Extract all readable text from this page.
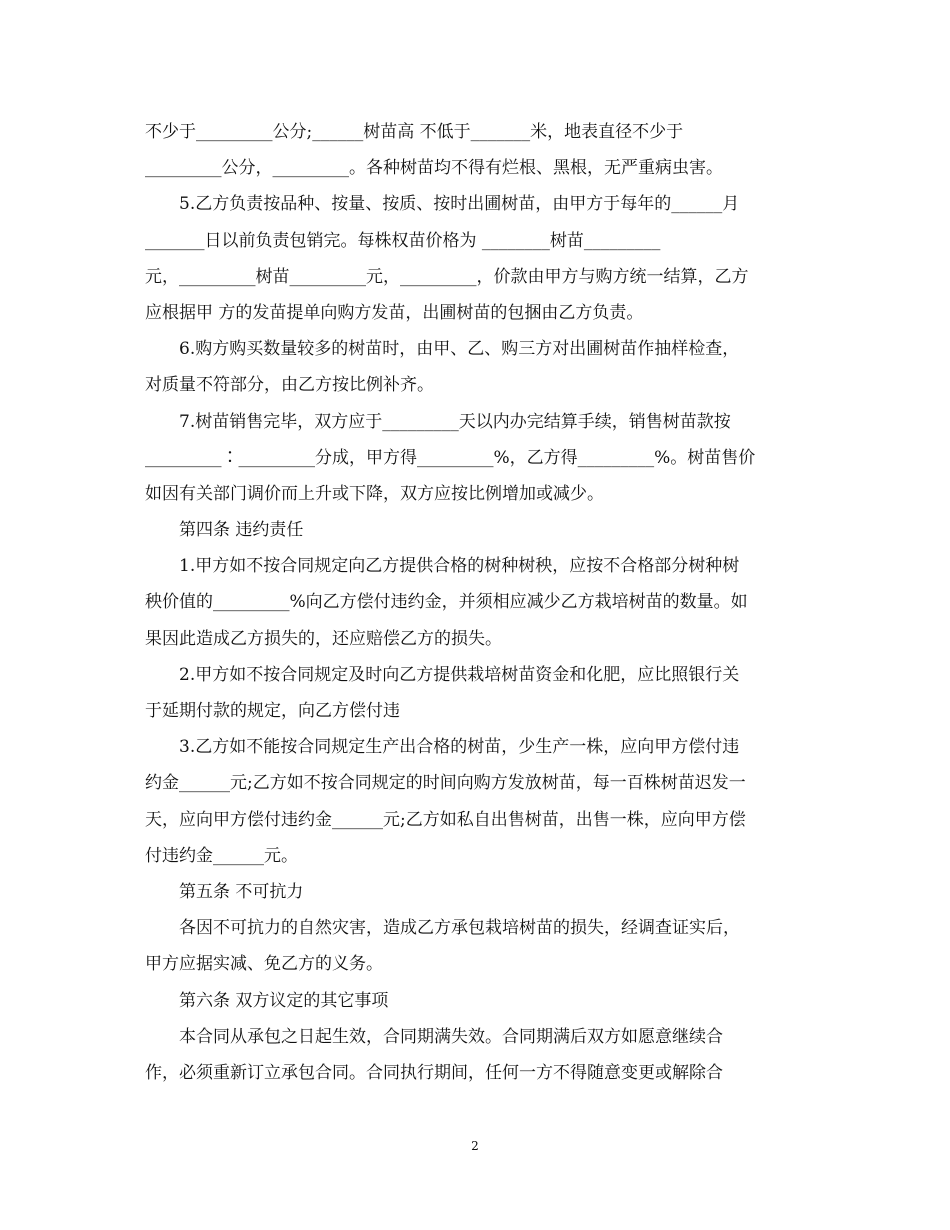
不少于_________公分;______树苗高 不低于_______米，地表直径不少于

_________公分，_________。各种树苗均不得有烂根、黑根，无严重病虫害。

5.乙方负责按品种、按量、按质、按时出圃树苗，由甲方于每年的______月

_______日以前负责包销完。每株权苗价格为 ________树苗_________

元，_________树苗_________元，_________，价款由甲方与购方统一结算，乙方

应根据甲 方的发苗提单向购方发苗，出圃树苗的包捆由乙方负责。

6.购方购买数量较多的树苗时，由甲、乙、购三方对出圃树苗作抽样检查，

对质量不符部分，由乙方按比例补齐。

7.树苗销售完毕，双方应于_________天以内办完结算手续，销售树苗款按

_________∶_________分成，甲方得_________%，乙方得_________%。树苗售价

如因有关部门调价而上升或下降，双方应按比例增加或减少。

第四条 违约责任

1.甲方如不按合同规定向乙方提供合格的树种树秧，应按不合格部分树种树

秧价值的_________%向乙方偿付违约金，并须相应减少乙方栽培树苗的数量。如

果因此造成乙方损失的，还应赔偿乙方的损失。

2.甲方如不按合同规定及时向乙方提供栽培树苗资金和化肥，应比照银行关

于延期付款的规定，向乙方偿付违

3.乙方如不能按合同规定生产出合格的树苗，少生产一株，应向甲方偿付违

约金______元;乙方如不按合同规定的时间向购方发放树苗，每一百株树苗迟发一

天，应向甲方偿付违约金______元;乙方如私自出售树苗，出售一株，应向甲方偿

付违约金______元。

第五条 不可抗力

各因不可抗力的自然灾害，造成乙方承包栽培树苗的损失，经调查证实后，

甲方应据实减、免乙方的义务。

第六条 双方议定的其它事项

本合同从承包之日起生效，合同期满失效。合同期满后双方如愿意继续合

作，必须重新订立承包合同。合同执行期间，任何一方不得随意变更或解除合

2
